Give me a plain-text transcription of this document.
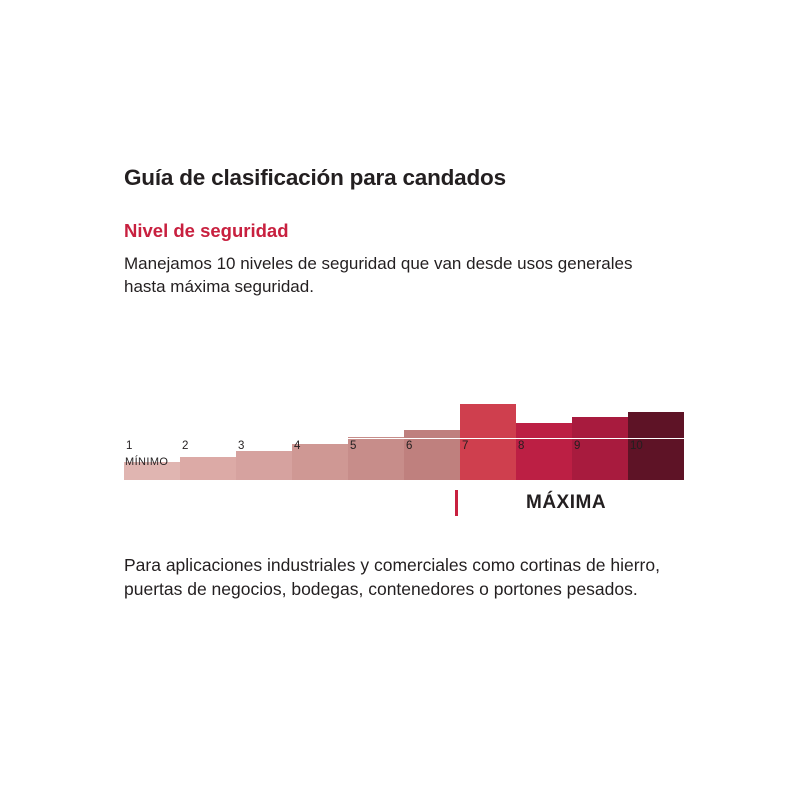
Guía de clasificación para candados
Nivel de seguridad

Manejamos 10 niveles de seguridad que van desde usos generales hasta máxima seguridad.

1	2	3	4	5	6	7	8	9	10
MÍNIMO
MÁXIMA

Para aplicaciones industriales y comerciales como cortinas de hierro, puertas de negocios, bodegas, contenedores o portones pesados.
